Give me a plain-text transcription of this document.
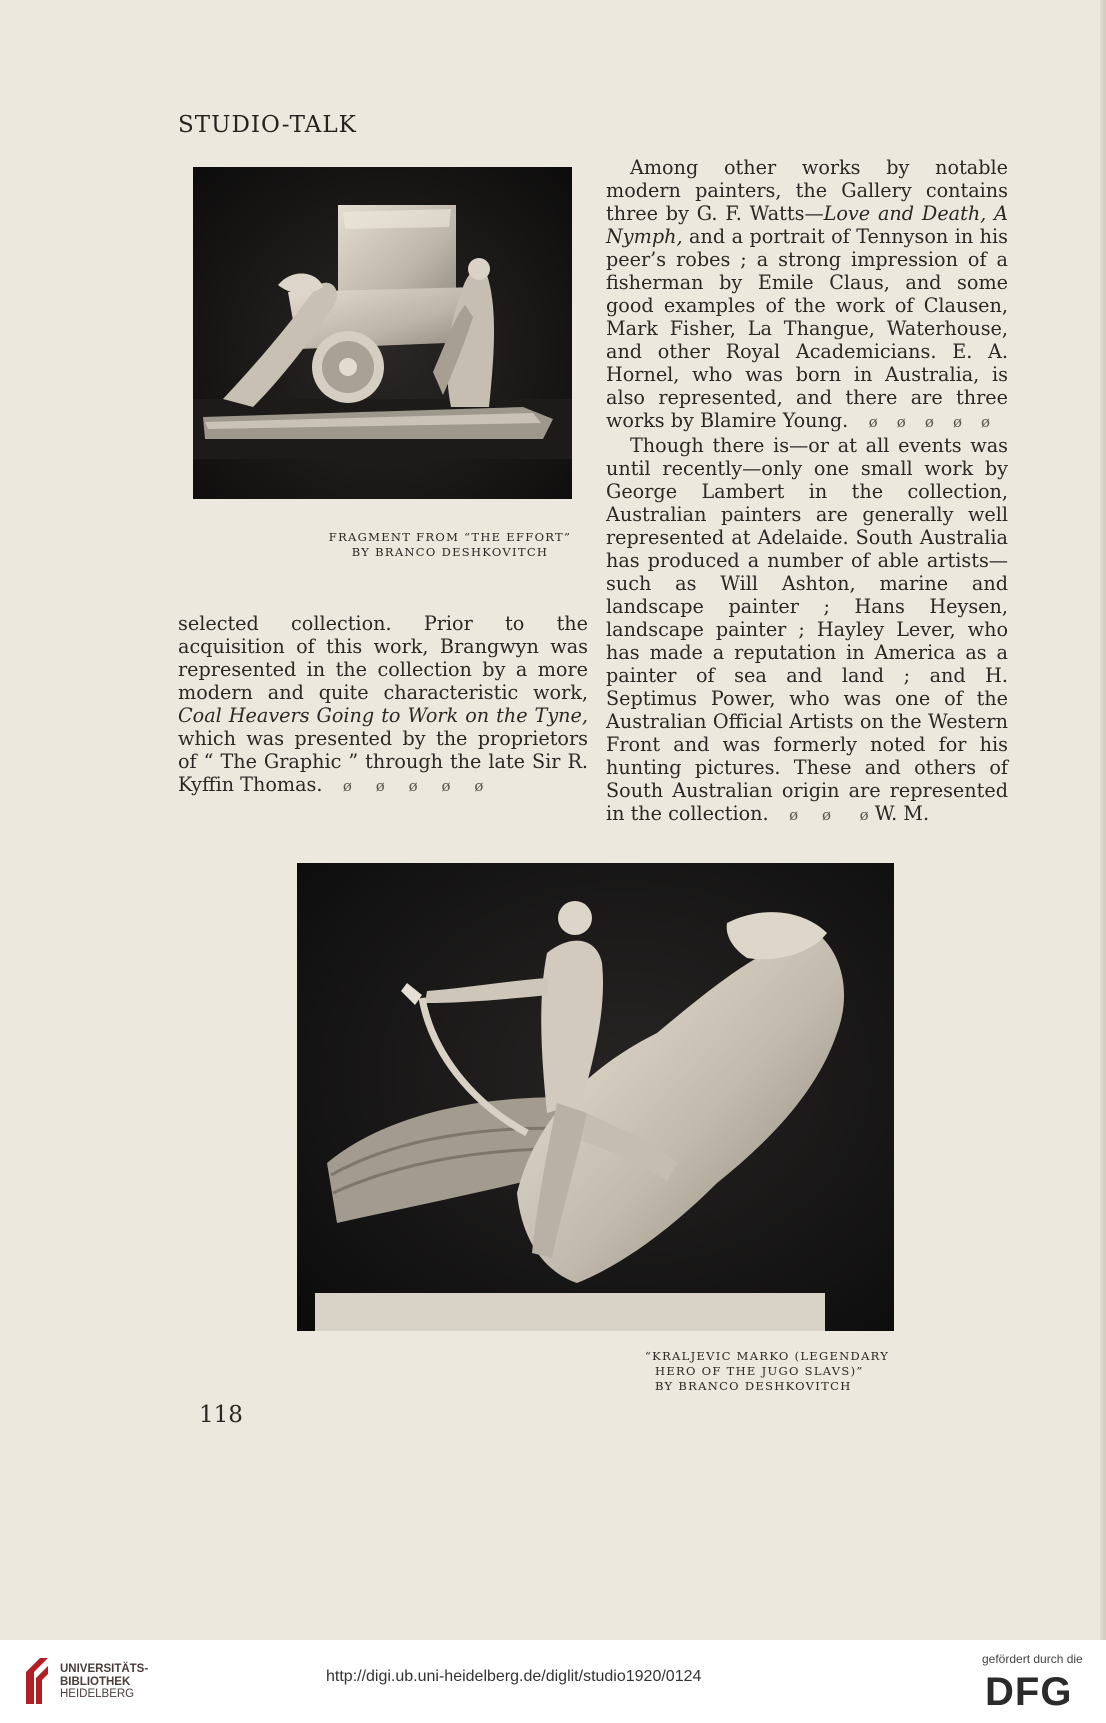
STUDIO-TALK
FRAGMENT FROM “THE EFFORT”
BY BRANCO DESHKOVITCH

Among other works by notable modern painters, the Gallery contains three by G. F. Watts—Love and Death, A Nymph, and a portrait of Tennyson in his peer’s robes ; a strong impression of a fisherman by Emile Claus, and some good examples of the work of Clausen, Mark Fisher, La Thangue, Waterhouse, and other Royal Academicians. E. A. Hornel, who was born in Australia, is also represented, and there are three works by Blamire Young.    ø    ø    ø    ø    ø

Though there is—or at all events was until recently—only one small work by George Lambert in the collection, Australian painters are generally well represented at Adelaide. South Australia has produced a number of able artists—such as Will Ashton, marine and landscape painter ; Hans Heysen, landscape painter ; Hayley Lever, who has made a reputation in America as a painter of sea and land ; and H. Septimus Power, who was one of the Australian Official Artists on the Western Front and was formerly noted for his hunting pictures. These and others of South Australian origin are represented in the collection.    ø     ø      ø W. M.

selected collection. Prior to the acquisition of this work, Brangwyn was represented in the collection by a more modern and quite characteristic work, Coal Heavers Going to Work on the Tyne, which was presented by the proprietors of “ The Graphic ” through the late Sir R. Kyffin Thomas.    ø     ø     ø     ø     ø

“KRALJEVIC MARKO (LEGENDARY
HERO OF THE JUGO SLAVS)”
BY BRANCO DESHKOVITCH
118
UNIVERSITÄTS-
BIBLIOTHEK
HEIDELBERG
http://digi.ub.uni-heidelberg.de/diglit/studio1920/0124
gefördert durch die
DFG
